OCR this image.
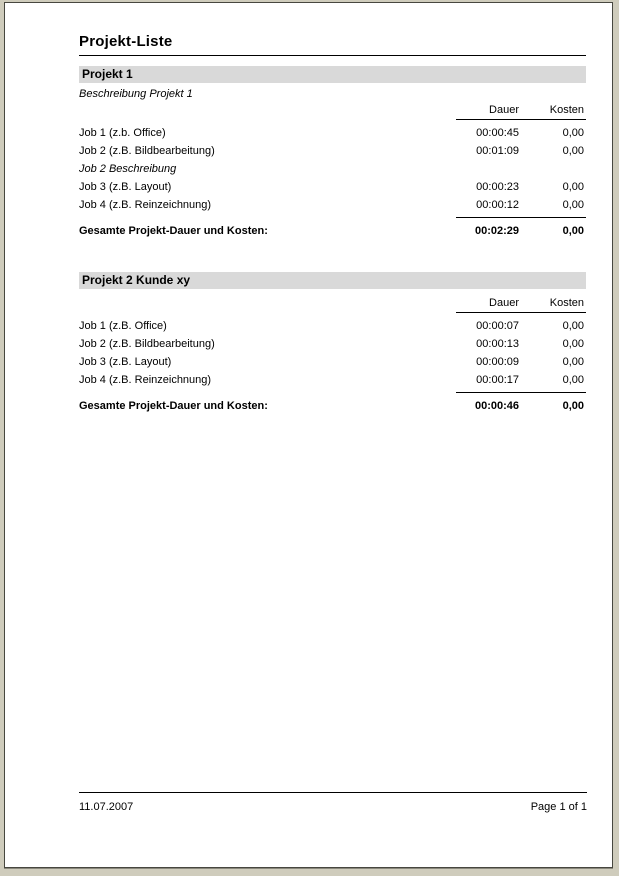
Projekt-Liste
Projekt 1
Beschreibung Projekt 1
Dauer	Kosten
Job 1 (z.b. Office)	00:00:45	0,00
Job 2 (z.B. Bildbearbeitung)	00:01:09	0,00
Job 2 Beschreibung
Job 3 (z.B. Layout)	00:00:23	0,00
Job 4 (z.B. Reinzeichnung)	00:00:12	0,00
Gesamte Projekt-Dauer und Kosten:	00:02:29	0,00
Projekt 2 Kunde xy
Dauer	Kosten
Job 1 (z.B. Office)	00:00:07	0,00
Job 2 (z.B. Bildbearbeitung)	00:00:13	0,00
Job 3 (z.B. Layout)	00:00:09	0,00
Job 4 (z.B. Reinzeichnung)	00:00:17	0,00
Gesamte Projekt-Dauer und Kosten:	00:00:46	0,00
11.07.2007	Page 1 of 1
